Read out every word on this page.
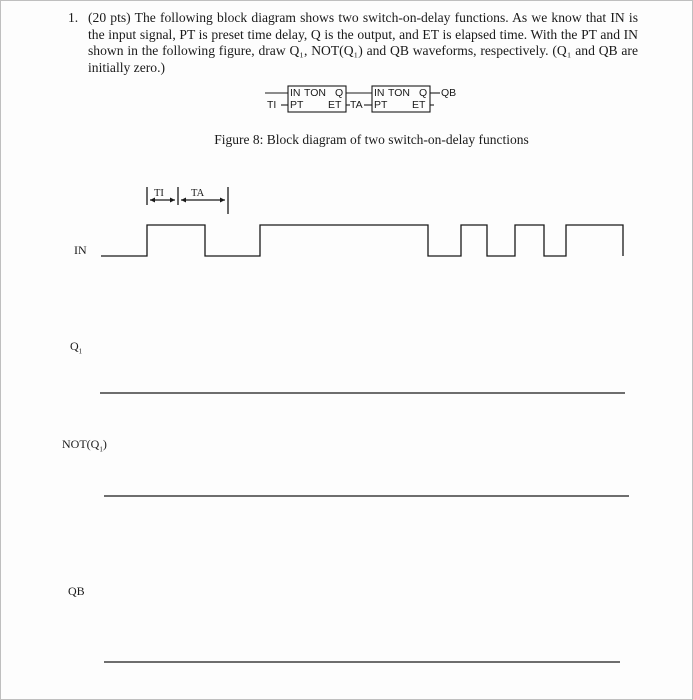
1. (20 pts) The following block diagram shows two switch-on-delay functions. As we know that IN is the input signal, PT is preset time delay, Q is the output, and ET is elapsed time. With the PT and IN shown in the following figure, draw Q₁, NOT(Q₁) and QB waveforms, respectively. (Q₁ and QB are initially zero.)
IN TON Q
PT ET
TI
IN TON Q
PT ET
TA
QB
Figure 8: Block diagram of two switch-on-delay functions
IN
$Q_1$
$NOT(Q_1)$
QB
TI	TA
